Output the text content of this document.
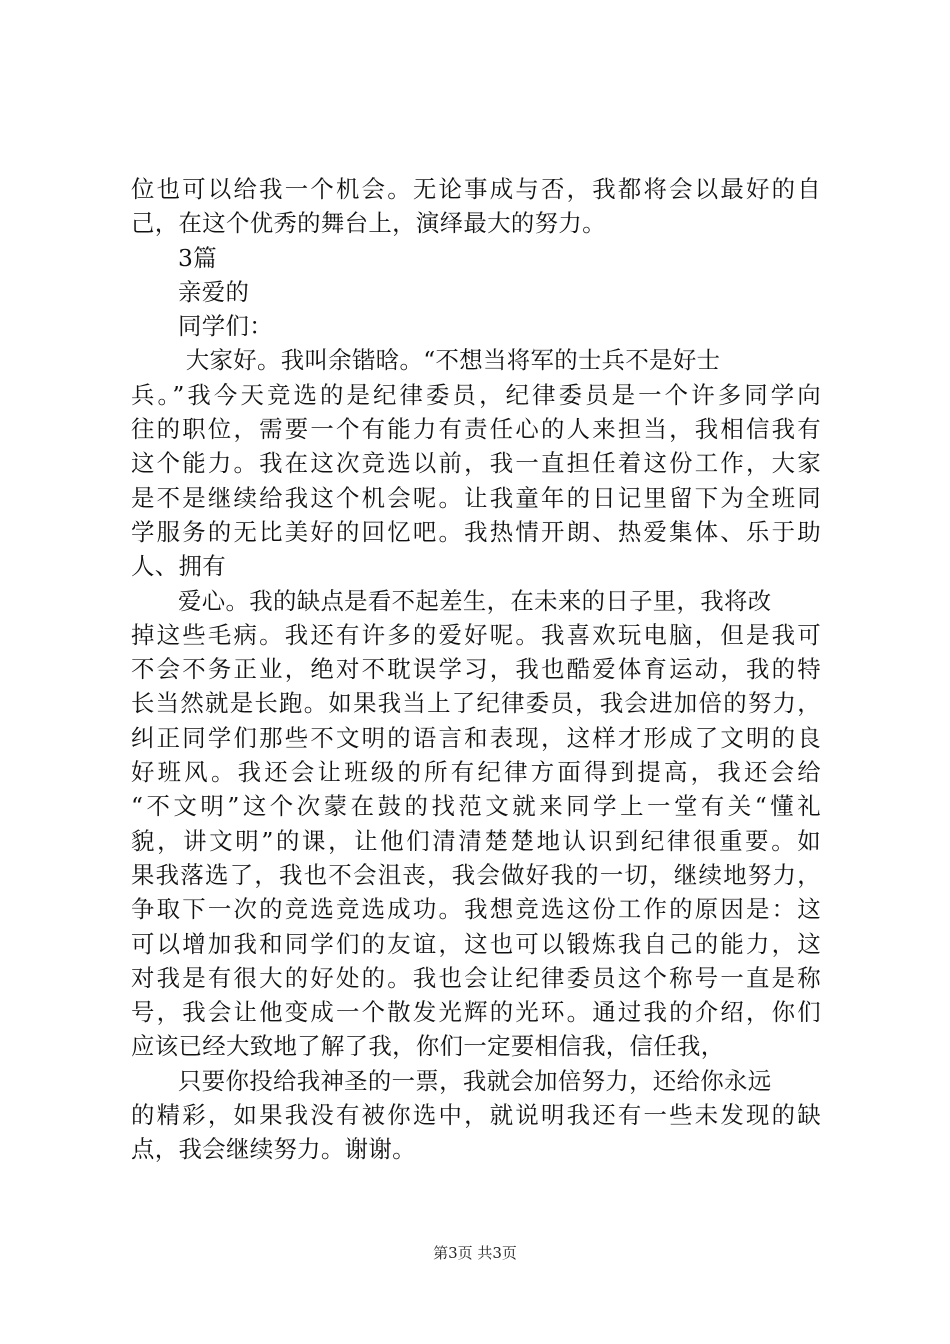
位也可以给我一个机会。无论事成与否，我都将会以最好的自
己，在这个优秀的舞台上，演绎最大的努力。
3篇
亲爱的
同学们：
大家好。我叫余锴晗。“不想当将军的士兵不是好士
兵。”我今天竞选的是纪律委员，纪律委员是一个许多同学向
往的职位，需要一个有能力有责任心的人来担当，我相信我有
这个能力。我在这次竞选以前，我一直担任着这份工作，大家
是不是继续给我这个机会呢。让我童年的日记里留下为全班同
学服务的无比美好的回忆吧。我热情开朗、热爱集体、乐于助
人、拥有
爱心。我的缺点是看不起差生，在未来的日子里，我将改
掉这些毛病。我还有许多的爱好呢。我喜欢玩电脑，但是我可
不会不务正业，绝对不耽误学习，我也酷爱体育运动，我的特
长当然就是长跑。如果我当上了纪律委员，我会进加倍的努力，
纠正同学们那些不文明的语言和表现，这样才形成了文明的良
好班风。我还会让班级的所有纪律方面得到提高，我还会给
“不文明”这个次蒙在鼓的找范文就来同学上一堂有关“懂礼
貌，讲文明”的课，让他们清清楚楚地认识到纪律很重要。如
果我落选了，我也不会沮丧，我会做好我的一切，继续地努力，
争取下一次的竞选竞选成功。我想竞选这份工作的原因是：这
可以增加我和同学们的友谊，这也可以锻炼我自己的能力，这
对我是有很大的好处的。我也会让纪律委员这个称号一直是称
号，我会让他变成一个散发光辉的光环。通过我的介绍，你们
应该已经大致地了解了我，你们一定要相信我，信任我，
只要你投给我神圣的一票，我就会加倍努力，还给你永远
的精彩，如果我没有被你选中，就说明我还有一些未发现的缺
点，我会继续努力。谢谢。
第3页 共3页
